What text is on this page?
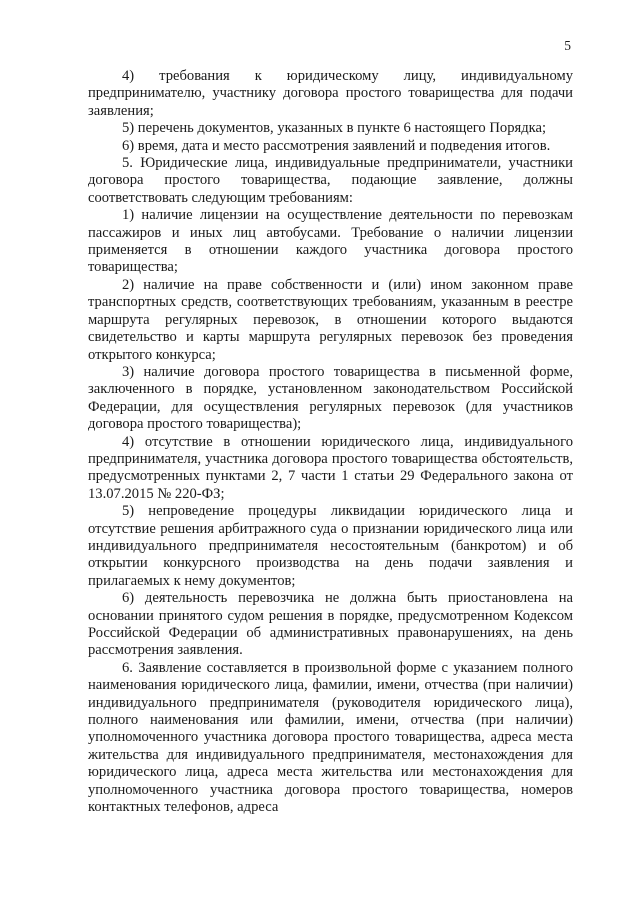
5

4) требования к юридическому лицу, индивидуальному предпринимателю, участнику договора простого товарищества для подачи заявления;

5) перечень документов, указанных в пункте 6 настоящего Порядка;

6) время, дата и место рассмотрения заявлений и подведения итогов.

5. Юридические лица, индивидуальные предприниматели, участники договора простого товарищества, подающие заявление, должны соответствовать следующим требованиям:

1) наличие лицензии на осуществление деятельности по перевозкам пассажиров и иных лиц автобусами. Требование о наличии лицензии применяется в отношении каждого участника договора простого товарищества;

2) наличие на праве собственности и (или) ином законном праве транспортных средств, соответствующих требованиям, указанным в реестре маршрута регулярных перевозок, в отношении которого выдаются свидетельство и карты маршрута регулярных перевозок без проведения открытого конкурса;

3) наличие договора простого товарищества в письменной форме, заключенного в порядке, установленном законодательством Российской Федерации, для осуществления регулярных перевозок (для участников договора простого товарищества);

4) отсутствие в отношении юридического лица, индивидуального предпринимателя, участника договора простого товарищества обстоятельств, предусмотренных пунктами 2, 7 части 1 статьи 29 Федерального закона от 13.07.2015 № 220-ФЗ;

5) непроведение процедуры ликвидации юридического лица и отсутствие решения арбитражного суда о признании юридического лица или индивидуального предпринимателя несостоятельным (банкротом) и об открытии конкурсного производства на день подачи заявления и прилагаемых к нему документов;

6) деятельность перевозчика не должна быть приостановлена на основании принятого судом решения в порядке, предусмотренном Кодексом Российской Федерации об административных правонарушениях, на день рассмотрения заявления.

6. Заявление составляется в произвольной форме с указанием полного наименования юридического лица, фамилии, имени, отчества (при наличии) индивидуального предпринимателя (руководителя юридического лица), полного наименования или фамилии, имени, отчества (при наличии) уполномоченного участника договора простого товарищества, адреса места жительства для индивидуального предпринимателя, местонахождения для юридического лица, адреса места жительства или местонахождения для уполномоченного участника договора простого товарищества, номеров контактных телефонов, адреса
